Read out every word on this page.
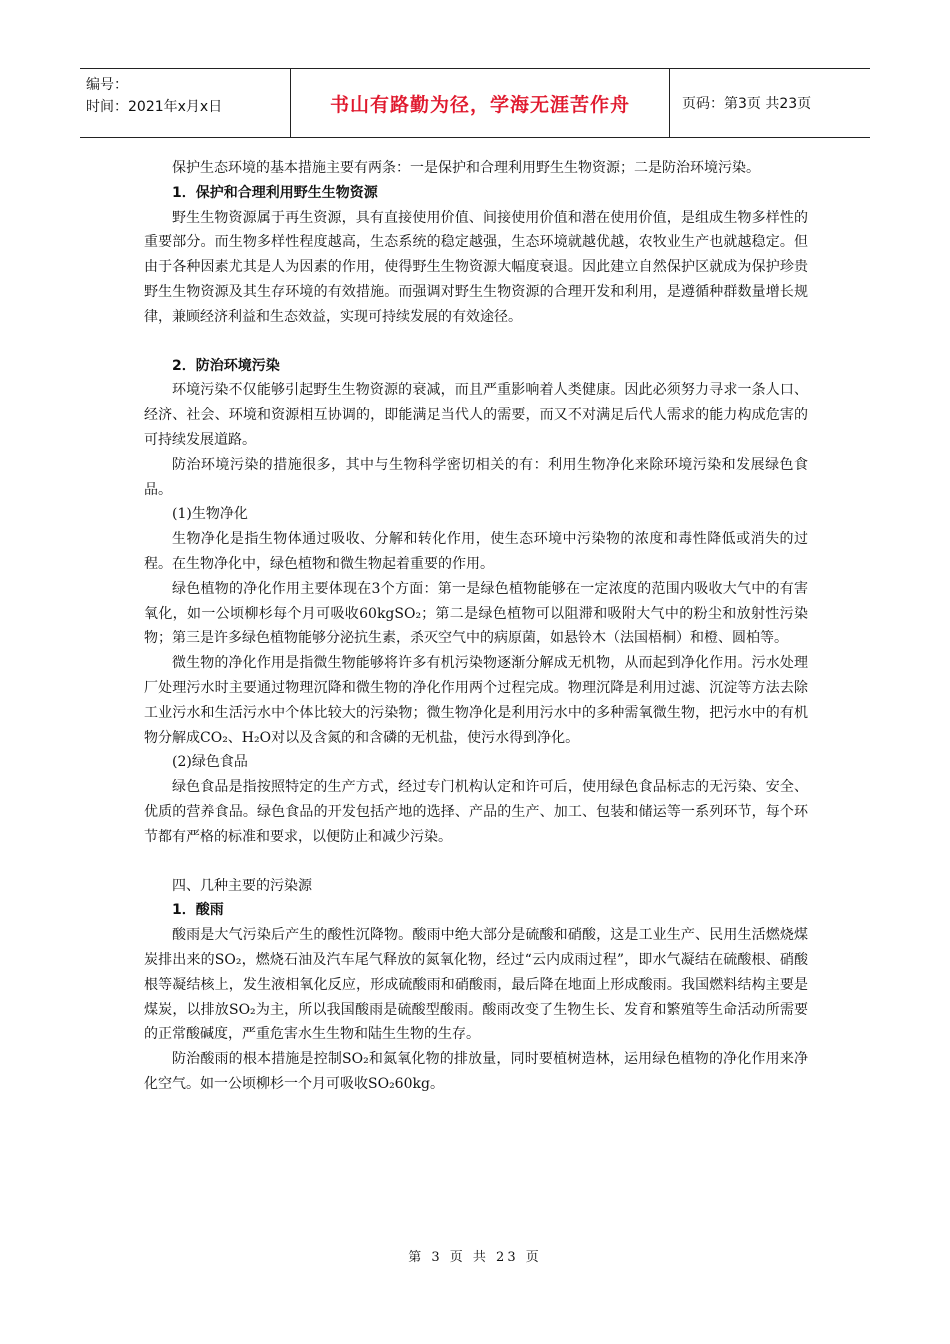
编号：
时间：2021年x月x日	书山有路勤为径，学海无涯苦作舟	页码：第3页 共23页

保护生态环境的基本措施主要有两条：一是保护和合理利用野生生物资源；二是防治环境污染。

1．保护和合理利用野生生物资源

野生生物资源属于再生资源，具有直接使用价值、间接使用价值和潜在使用价值，是组成生物多样性的重要部分。而生物多样性程度越高，生态系统的稳定越强，生态环境就越优越，农牧业生产也就越稳定。但由于各种因素尤其是人为因素的作用，使得野生生物资源大幅度衰退。因此建立自然保护区就成为保护珍贵野生生物资源及其生存环境的有效措施。而强调对野生生物资源的合理开发和利用，是遵循种群数量增长规律，兼顾经济利益和生态效益，实现可持续发展的有效途径。

2．防治环境污染

环境污染不仅能够引起野生生物资源的衰减，而且严重影响着人类健康。因此必须努力寻求一条人口、经济、社会、环境和资源相互协调的，即能满足当代人的需要，而又不对满足后代人需求的能力构成危害的可持续发展道路。

防治环境污染的措施很多，其中与生物科学密切相关的有：利用生物净化来除环境污染和发展绿色食品。

(1)生物净化

生物净化是指生物体通过吸收、分解和转化作用，使生态环境中污染物的浓度和毒性降低或消失的过程。在生物净化中，绿色植物和微生物起着重要的作用。

绿色植物的净化作用主要体现在3个方面：第一是绿色植物能够在一定浓度的范围内吸收大气中的有害氧化，如一公顷柳杉每个月可吸收60kgSO₂；第二是绿色植物可以阻滞和吸附大气中的粉尘和放射性污染物；第三是许多绿色植物能够分泌抗生素，杀灭空气中的病原菌，如悬铃木（法国梧桐）和橙、圆柏等。

微生物的净化作用是指微生物能够将许多有机污染物逐渐分解成无机物，从而起到净化作用。污水处理厂处理污水时主要通过物理沉降和微生物的净化作用两个过程完成。物理沉降是利用过滤、沉淀等方法去除工业污水和生活污水中个体比较大的污染物；微生物净化是利用污水中的多种需氧微生物，把污水中的有机物分解成CO₂、H₂O对以及含氮的和含磷的无机盐，使污水得到净化。

(2)绿色食品

绿色食品是指按照特定的生产方式，经过专门机构认定和许可后，使用绿色食品标志的无污染、安全、优质的营养食品。绿色食品的开发包括产地的选择、产品的生产、加工、包装和储运等一系列环节，每个环节都有严格的标准和要求，以便防止和减少污染。

四、几种主要的污染源
1．酸雨

酸雨是大气污染后产生的酸性沉降物。酸雨中绝大部分是硫酸和硝酸，这是工业生产、民用生活燃烧煤炭排出来的SO₂，燃烧石油及汽车尾气释放的氮氧化物，经过“云内成雨过程”，即水气凝结在硫酸根、硝酸根等凝结核上，发生液相氧化反应，形成硫酸雨和硝酸雨，最后降在地面上形成酸雨。我国燃料结构主要是煤炭，以排放SO₂为主，所以我国酸雨是硫酸型酸雨。酸雨改变了生物生长、发育和繁殖等生命活动所需要的正常酸碱度，严重危害水生生物和陆生生物的生存。

防治酸雨的根本措施是控制SO₂和氮氧化物的排放量，同时要植树造林，运用绿色植物的净化作用来净化空气。如一公顷柳杉一个月可吸收SO₂60kg。

第 3 页 共 23 页
